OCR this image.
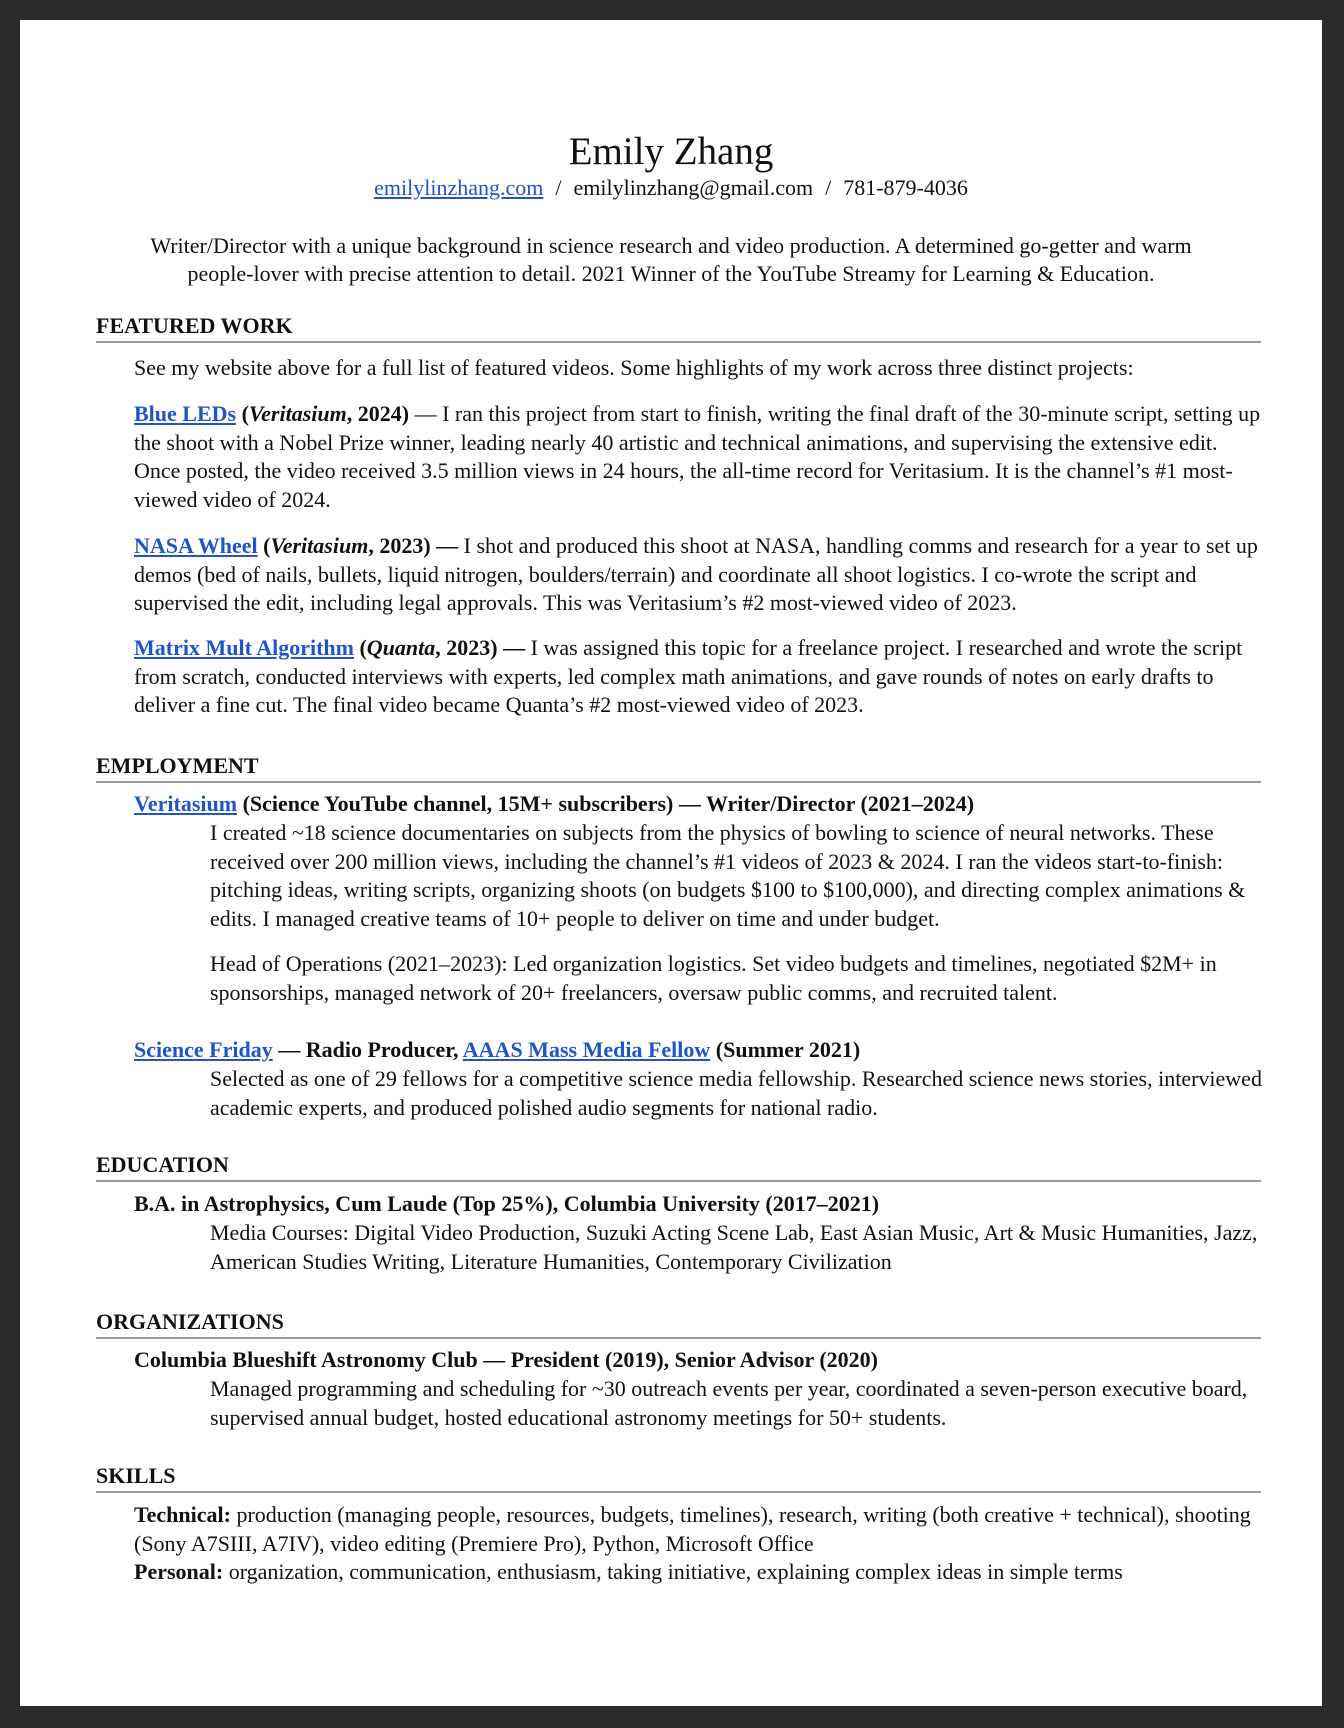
Emily Zhang
emilylinzhang.com / emilylinzhang@gmail.com / 781-879-4036
Writer/Director with a unique background in science research and video production. A determined go-getter and warm people-lover with precise attention to detail. 2021 Winner of the YouTube Streamy for Learning & Education.
FEATURED WORK

See my website above for a full list of featured videos. Some highlights of my work across three distinct projects:

Blue LEDs (Veritasium, 2024) — I ran this project from start to finish, writing the final draft of the 30-minute script, setting up the shoot with a Nobel Prize winner, leading nearly 40 artistic and technical animations, and supervising the extensive edit. Once posted, the video received 3.5 million views in 24 hours, the all-time record for Veritasium. It is the channel’s #1 most-viewed video of 2024.

NASA Wheel (Veritasium, 2023) — I shot and produced this shoot at NASA, handling comms and research for a year to set up demos (bed of nails, bullets, liquid nitrogen, boulders/terrain) and coordinate all shoot logistics. I co-wrote the script and supervised the edit, including legal approvals. This was Veritasium’s #2 most-viewed video of 2023.

Matrix Mult Algorithm (Quanta, 2023) — I was assigned this topic for a freelance project. I researched and wrote the script from scratch, conducted interviews with experts, led complex math animations, and gave rounds of notes on early drafts to deliver a fine cut. The final video became Quanta’s #2 most-viewed video of 2023.

EMPLOYMENT

Veritasium (Science YouTube channel, 15M+ subscribers) — Writer/Director (2021–2024)

I created ~18 science documentaries on subjects from the physics of bowling to science of neural networks. These received over 200 million views, including the channel’s #1 videos of 2023 & 2024. I ran the videos start-to-finish: pitching ideas, writing scripts, organizing shoots (on budgets $100 to $100,000), and directing complex animations & edits. I managed creative teams of 10+ people to deliver on time and under budget.

Head of Operations (2021–2023): Led organization logistics. Set video budgets and timelines, negotiated $2M+ in sponsorships, managed network of 20+ freelancers, oversaw public comms, and recruited talent.

Science Friday — Radio Producer, AAAS Mass Media Fellow (Summer 2021)

Selected as one of 29 fellows for a competitive science media fellowship. Researched science news stories, interviewed academic experts, and produced polished audio segments for national radio.

EDUCATION

B.A. in Astrophysics, Cum Laude (Top 25%), Columbia University (2017–2021)

Media Courses: Digital Video Production, Suzuki Acting Scene Lab, East Asian Music, Art & Music Humanities, Jazz, American Studies Writing, Literature Humanities, Contemporary Civilization

ORGANIZATIONS

Columbia Blueshift Astronomy Club — President (2019), Senior Advisor (2020)

Managed programming and scheduling for ~30 outreach events per year, coordinated a seven-person executive board, supervised annual budget, hosted educational astronomy meetings for 50+ students.

SKILLS

Technical: production (managing people, resources, budgets, timelines), research, writing (both creative + technical), shooting (Sony A7SIII, A7IV), video editing (Premiere Pro), Python, Microsoft Office

Personal: organization, communication, enthusiasm, taking initiative, explaining complex ideas in simple terms
